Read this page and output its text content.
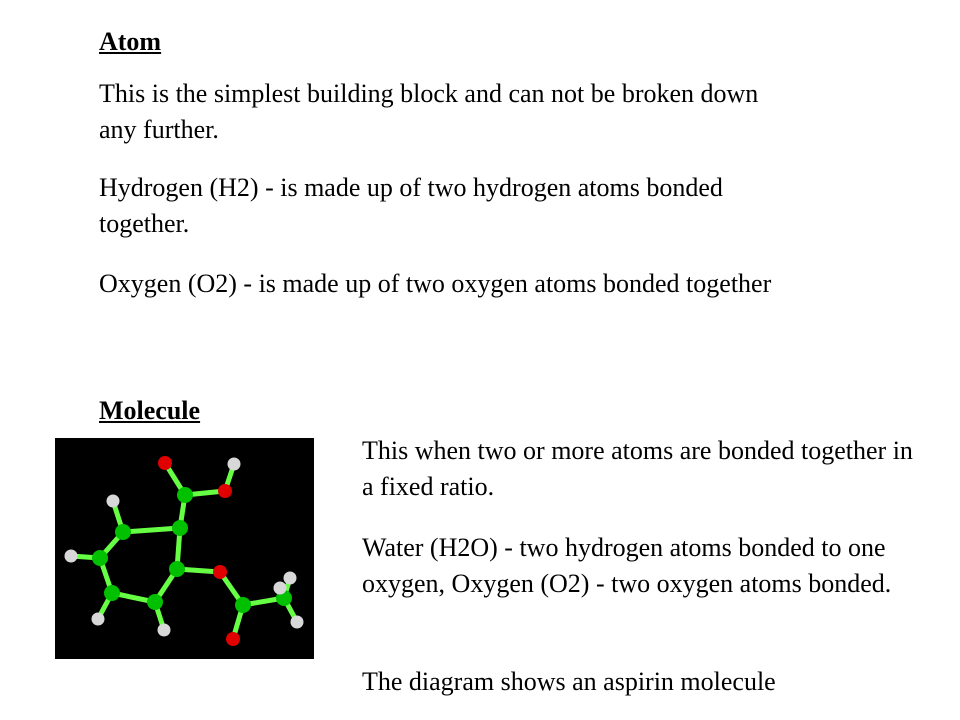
Atom

This is the simplest building block and can not be broken down any further.

Hydrogen (H2) - is made up of two hydrogen atoms bonded together.

Oxygen (O2) - is made up of two oxygen atoms bonded together

Molecule

This when two or more atoms are bonded together in a fixed ratio.

Water (H2O) - two hydrogen atoms bonded to one oxygen, Oxygen (O2) - two oxygen atoms bonded.

The diagram shows an aspirin molecule
